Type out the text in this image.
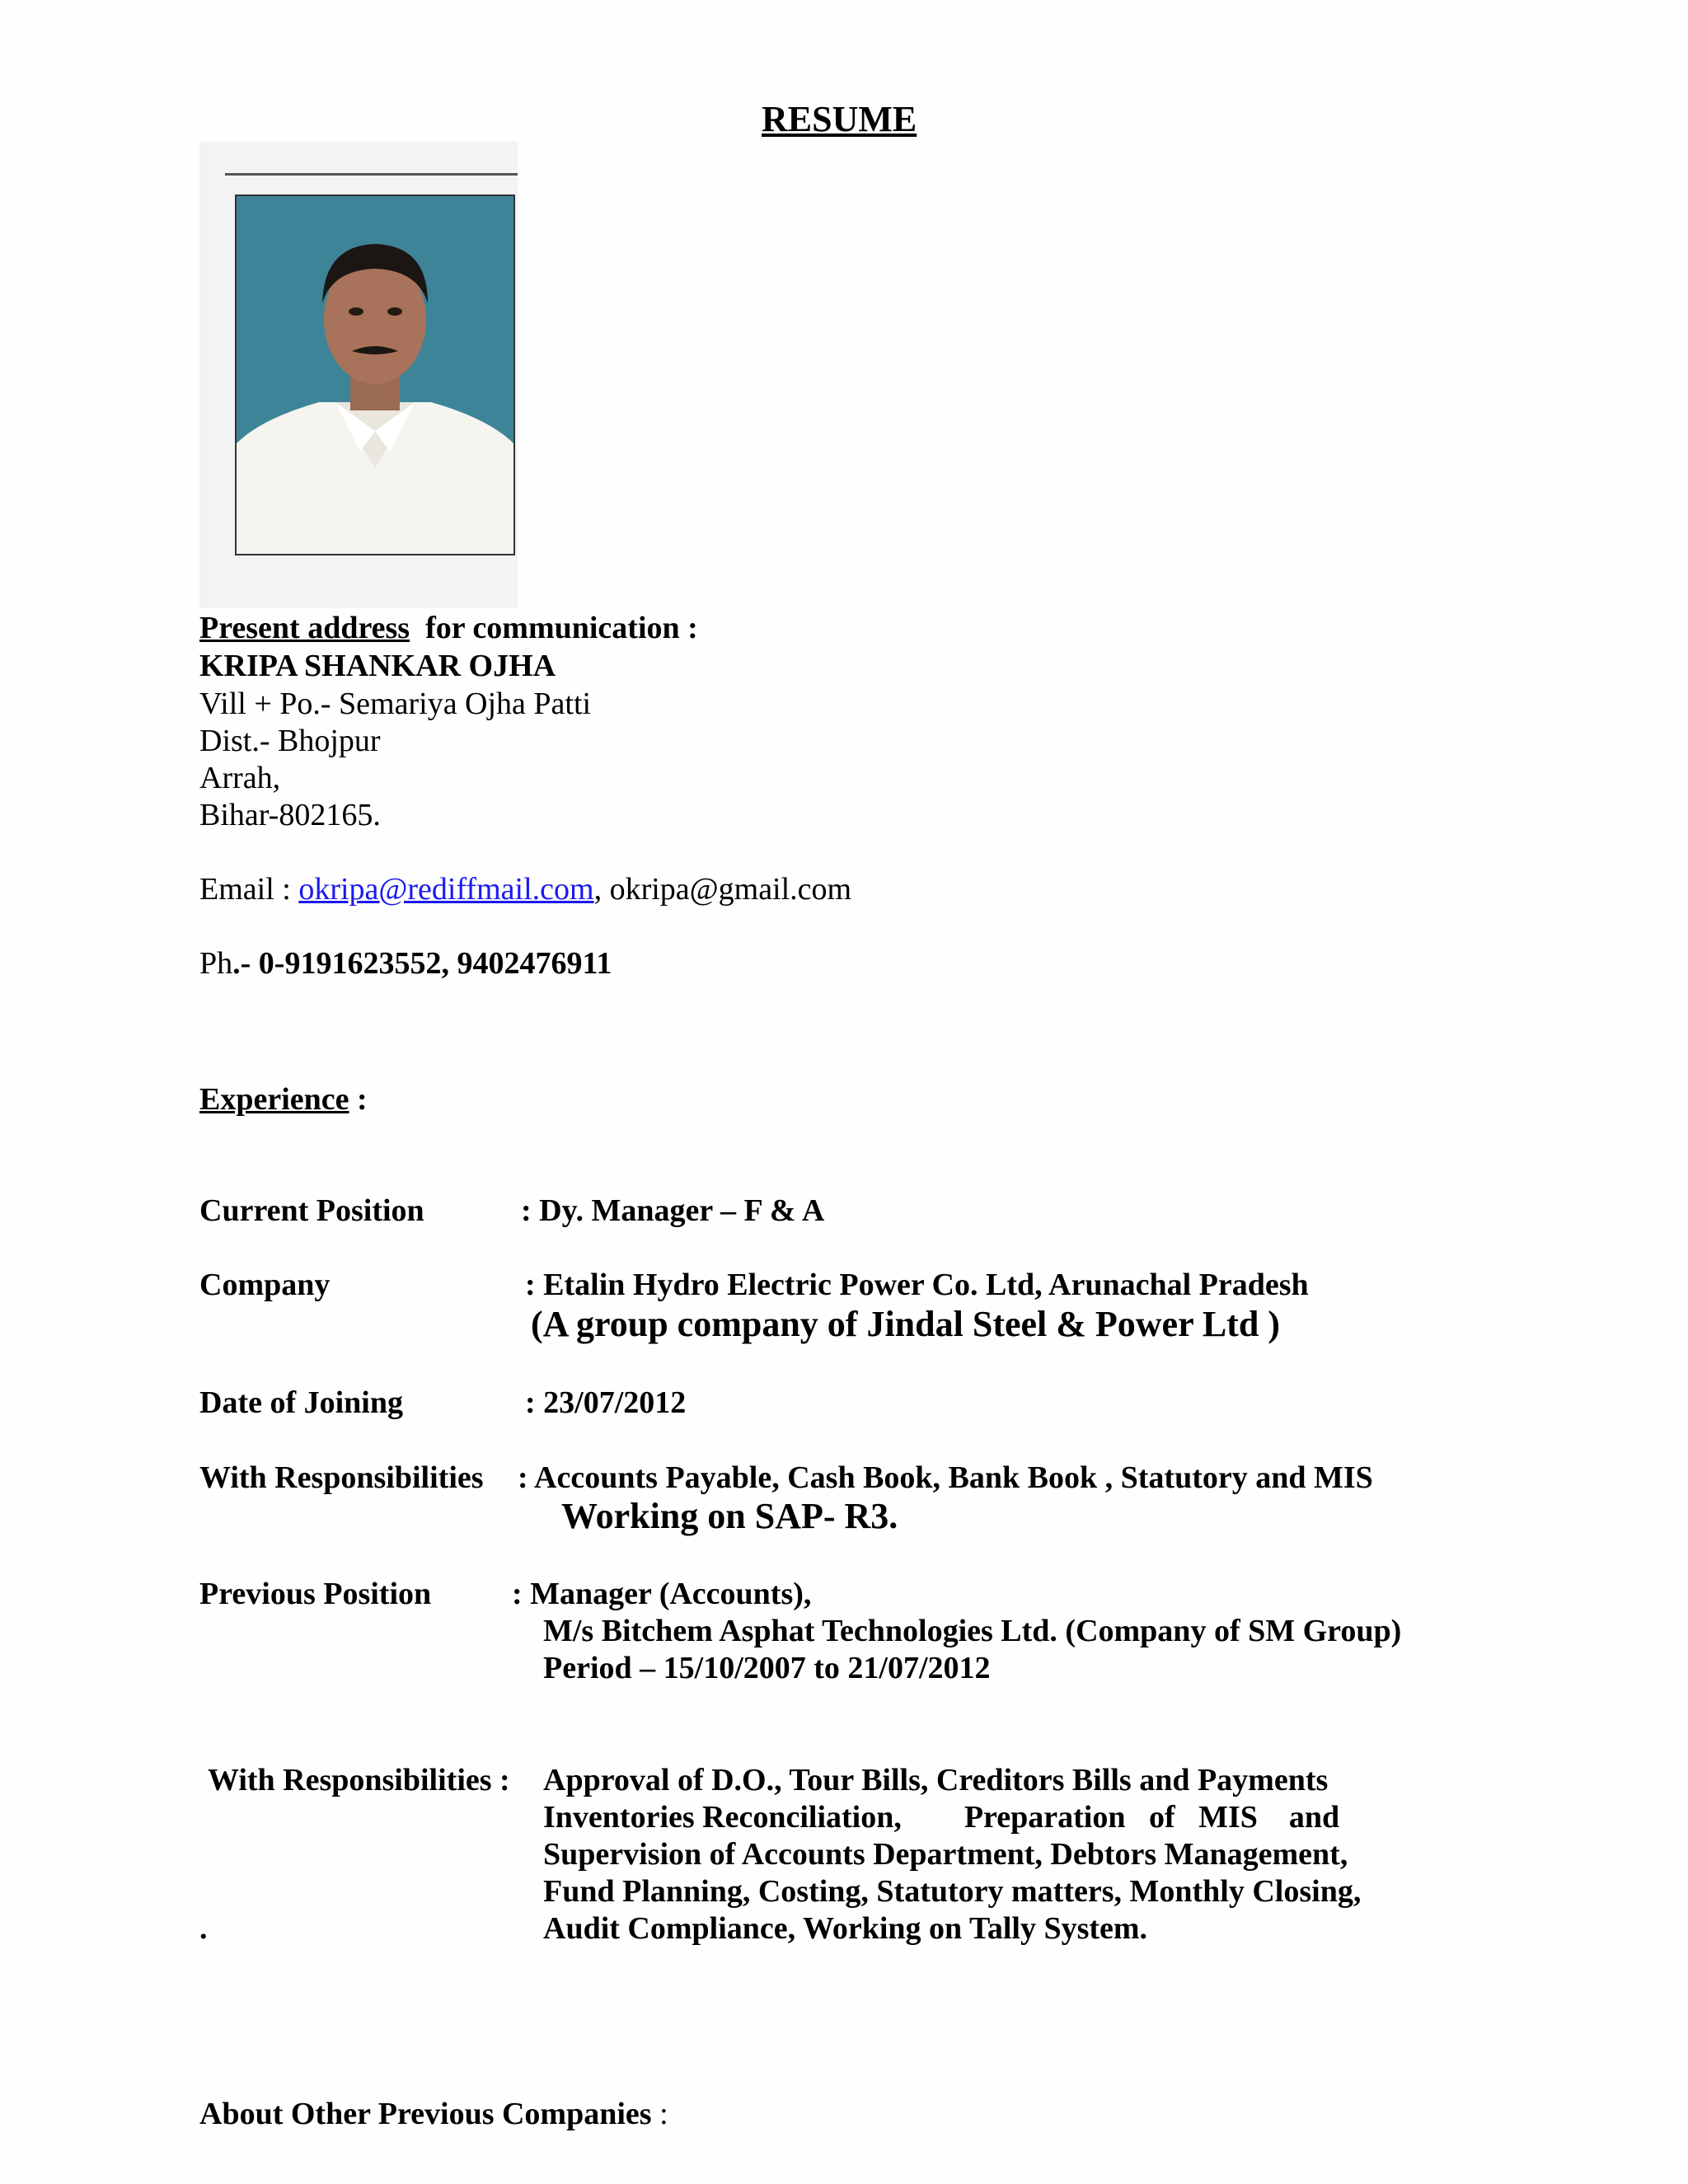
RESUME
Present address for communication :
KRIPA SHANKAR OJHA
Vill + Po.- Semariya Ojha Patti
Dist.- Bhojpur
Arrah,
Bihar-802165.
Email : okripa@rediffmail.com, okripa@gmail.com
Ph.- 0-9191623552, 9402476911
Experience :
Current Position	: Dy. Manager – F & A
Company	: Etalin Hydro Electric Power Co. Ltd, Arunachal Pradesh
(A group company of Jindal Steel & Power Ltd )
Date of Joining	: 23/07/2012
With Responsibilities : Accounts Payable, Cash Book, Bank Book , Statutory and MIS
Working on SAP- R3.
Previous Position	: Manager (Accounts),
M/s Bitchem Asphat Technologies Ltd. (Company of SM Group)
Period – 15/10/2007 to 21/07/2012
With Responsibilities : Approval of D.O., Tour Bills, Creditors Bills and Payments
Inventories Reconciliation,        Preparation   of   MIS    and
Supervision of Accounts Department, Debtors Management,
Fund Planning, Costing, Statutory matters, Monthly Closing,
.	Audit Compliance, Working on Tally System.
About Other Previous Companies :
